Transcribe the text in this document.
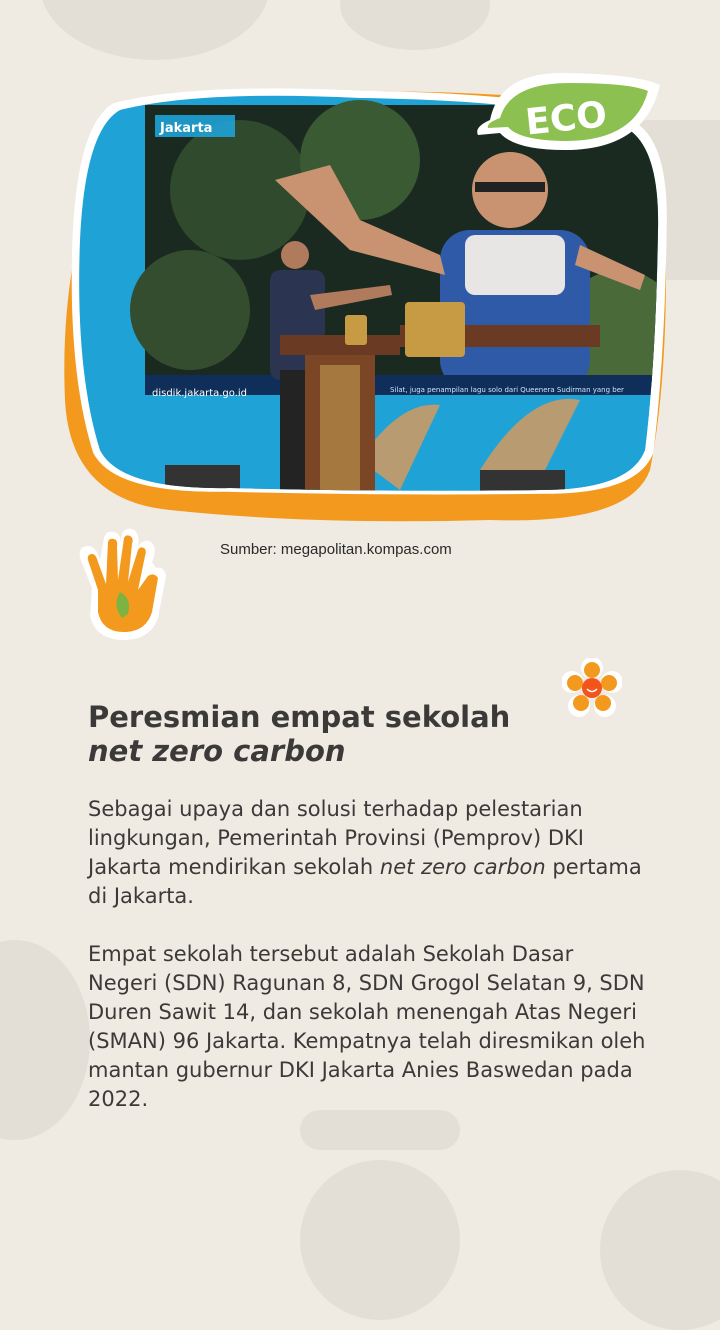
Jakarta
disdik.jakarta.go.id	Silat, juga penampilan lagu solo dari Queenera Sudirman yang ber
ECO
Sumber: megapolitan.kompas.com
Peresmian empat sekolah
net zero carbon

Sebagai upaya dan solusi terhadap pelestarian lingkungan, Pemerintah Provinsi (Pemprov) DKI Jakarta mendirikan sekolah net zero carbon pertama di Jakarta.

Empat sekolah tersebut adalah Sekolah Dasar Negeri (SDN) Ragunan 8, SDN Grogol Selatan 9, SDN Duren Sawit 14, dan sekolah menengah Atas Negeri (SMAN) 96 Jakarta. Kempatnya telah diresmikan oleh mantan gubernur DKI Jakarta Anies Baswedan pada 2022.
